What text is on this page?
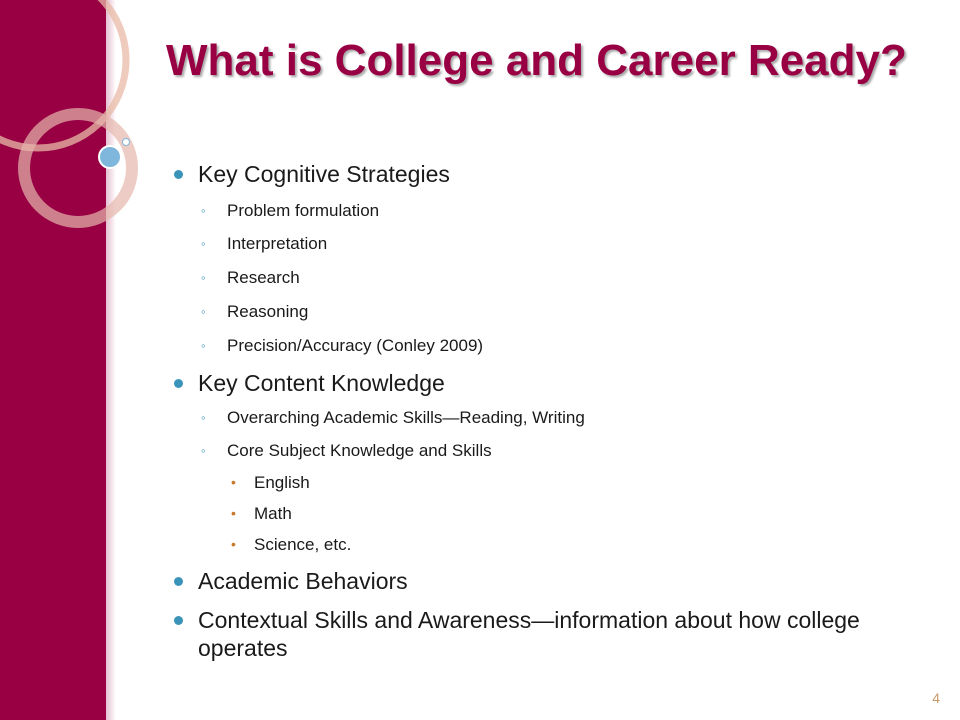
What is College and Career Ready?
Key Cognitive Strategies
◦ Problem formulation
◦ Interpretation
◦ Research
◦ Reasoning
◦ Precision/Accuracy (Conley 2009)
Key Content Knowledge
◦ Overarching Academic Skills—Reading, Writing
◦ Core Subject Knowledge and Skills
• English
• Math
• Science, etc.
Academic Behaviors
Contextual Skills and Awareness—information about how college operates
4
